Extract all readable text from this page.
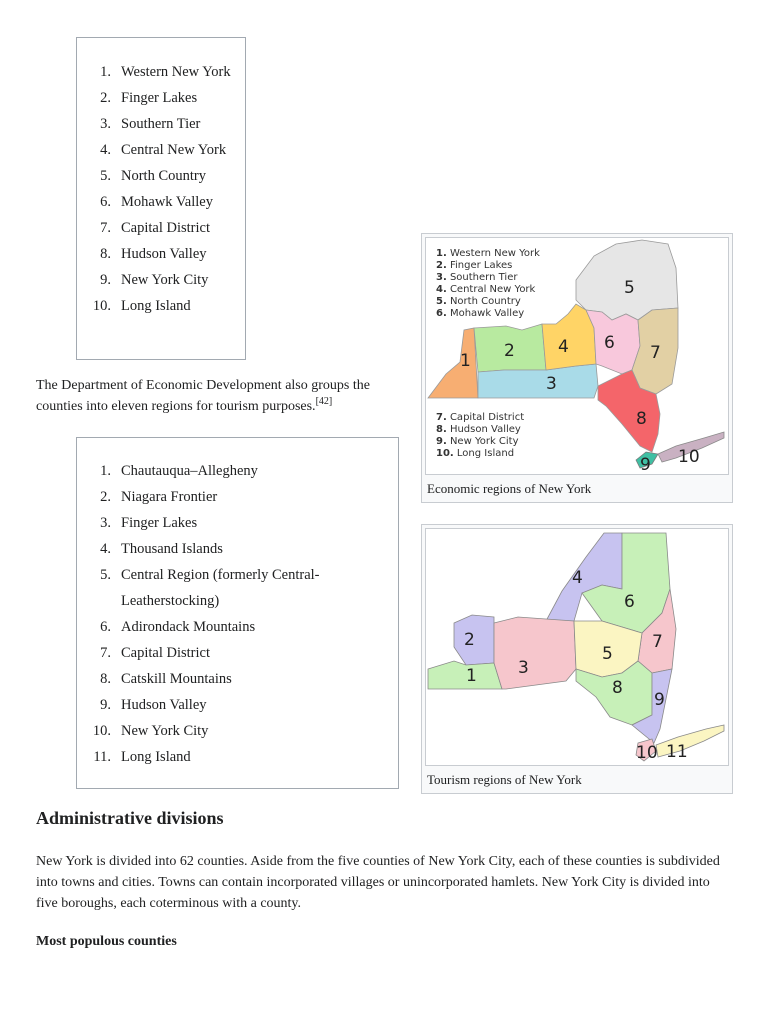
1. Western New York
2. Finger Lakes
3. Southern Tier
4. Central New York
5. North Country
6. Mohawk Valley
7. Capital District
8. Hudson Valley
9. New York City
10. Long Island

The Department of Economic Development also groups the counties into eleven regions for tourism purposes.[42]

1. Chautauqua–Allegheny
2. Niagara Frontier
3. Finger Lakes
4. Thousand Islands
5. Central Region (formerly Central-Leatherstocking)
6. Adirondack Mountains
7. Capital District
8. Catskill Mountains
9. Hudson Valley
10. New York City
11. Long Island
1. Western New York
2. Finger Lakes
3. Southern Tier
4. Central New York
5. North Country
6. Mohawk Valley
7. Capital District
8. Hudson Valley
9. New York City
10. Long Island
1 2
3
4
5
6 7
8
9 10
Economic regions of New York
1
2
3
4
5
6
7
8
9
10 11
Tourism regions of New York
Administrative divisions

New York is divided into 62 counties. Aside from the five counties of New York City, each of these counties is subdivided into towns and cities. Towns can contain incorporated villages or unincorporated hamlets. New York City is divided into five boroughs, each coterminous with a county.

Most populous counties
